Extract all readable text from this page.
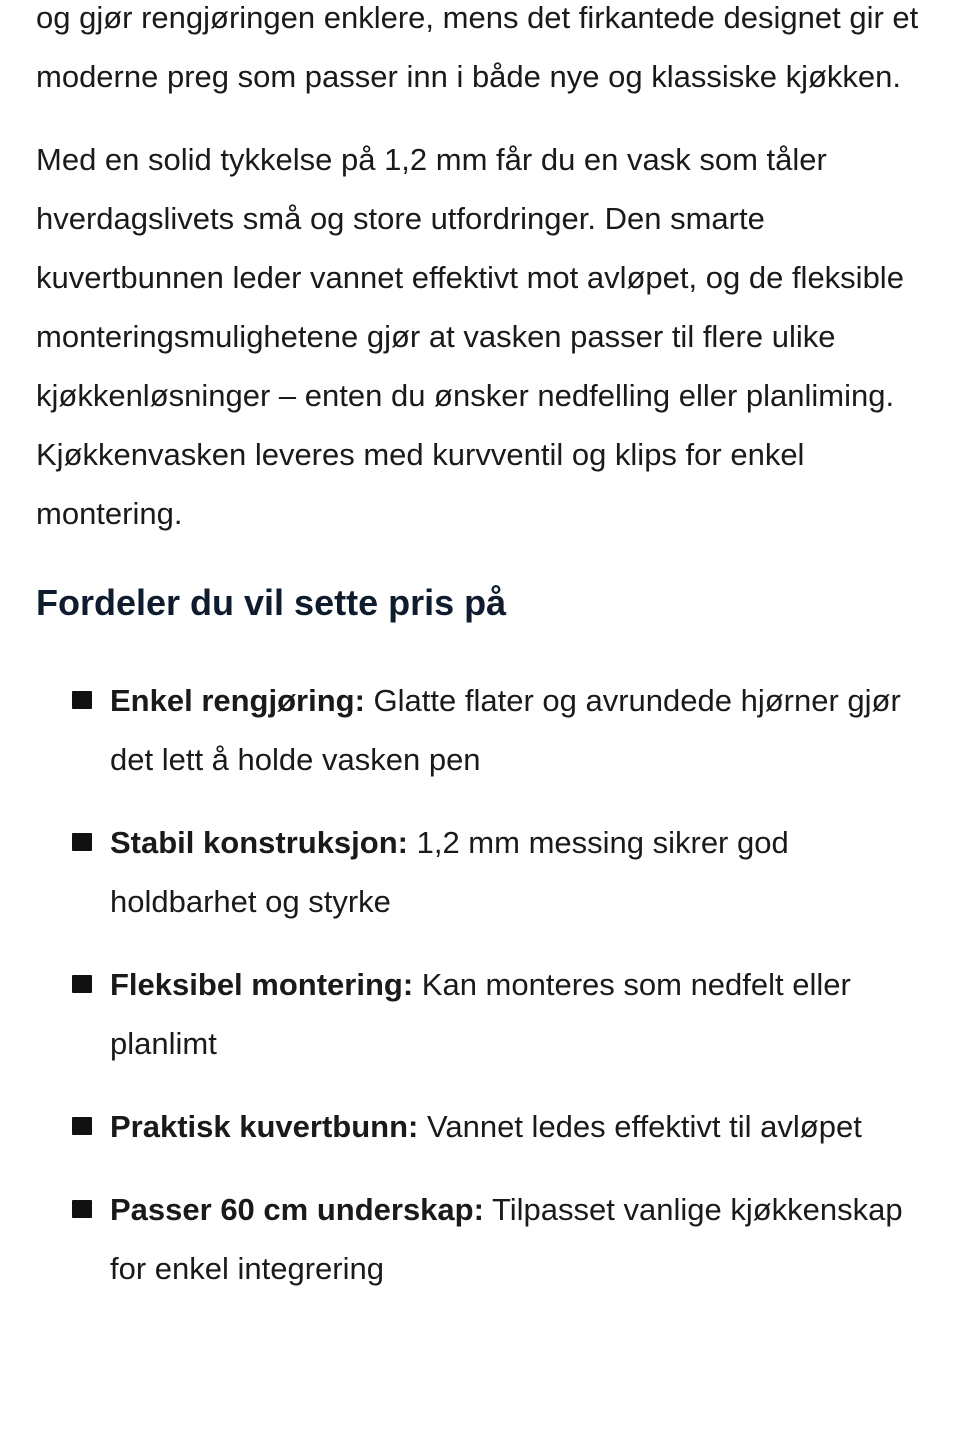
og gjør rengjøringen enklere, mens det firkantede designet gir et moderne preg som passer inn i både nye og klassiske kjøkken.

Med en solid tykkelse på 1,2 mm får du en vask som tåler hverdagslivets små og store utfordringer. Den smarte kuvertbunnen leder vannet effektivt mot avløpet, og de fleksible monteringsmulighetene gjør at vasken passer til flere ulike kjøkkenløsninger – enten du ønsker nedfelling eller planliming. Kjøkkenvasken leveres med kurvventil og klips for enkel montering.

Fordeler du vil sette pris på
Enkel rengjøring: Glatte flater og avrundede hjørner gjør det lett å holde vasken pen
Stabil konstruksjon: 1,2 mm messing sikrer god holdbarhet og styrke
Fleksibel montering: Kan monteres som nedfelt eller planlimt
Praktisk kuvertbunn: Vannet ledes effektivt til avløpet
Passer 60 cm underskap: Tilpasset vanlige kjøkkenskap for enkel integrering
